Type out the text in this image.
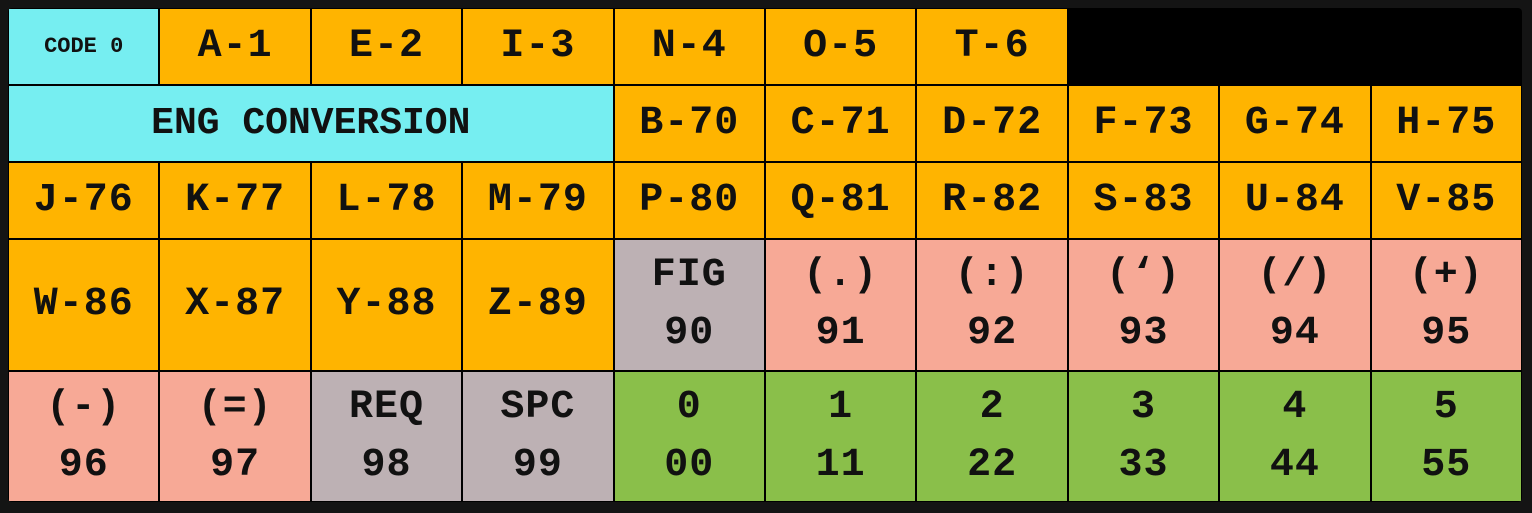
CODE 0 A-1 E-2 I-3 N-4 O-5 T-6
ENG CONVERSION	B-70 C-71 D-72 F-73 G-74 H-75
J-76 K-77 L-78 M-79 P-80 Q-81 R-82 S-83 U-84 V-85
W-86 X-87 Y-88 Z-89
FIG
90
(.)
91
(:)
92
(‘)
93
(/)
94
(+)
95
(-)
96
(=)
97
REQ
98
SPC
99
0
00
1
11
2
22
3
33
4
44
5
55
